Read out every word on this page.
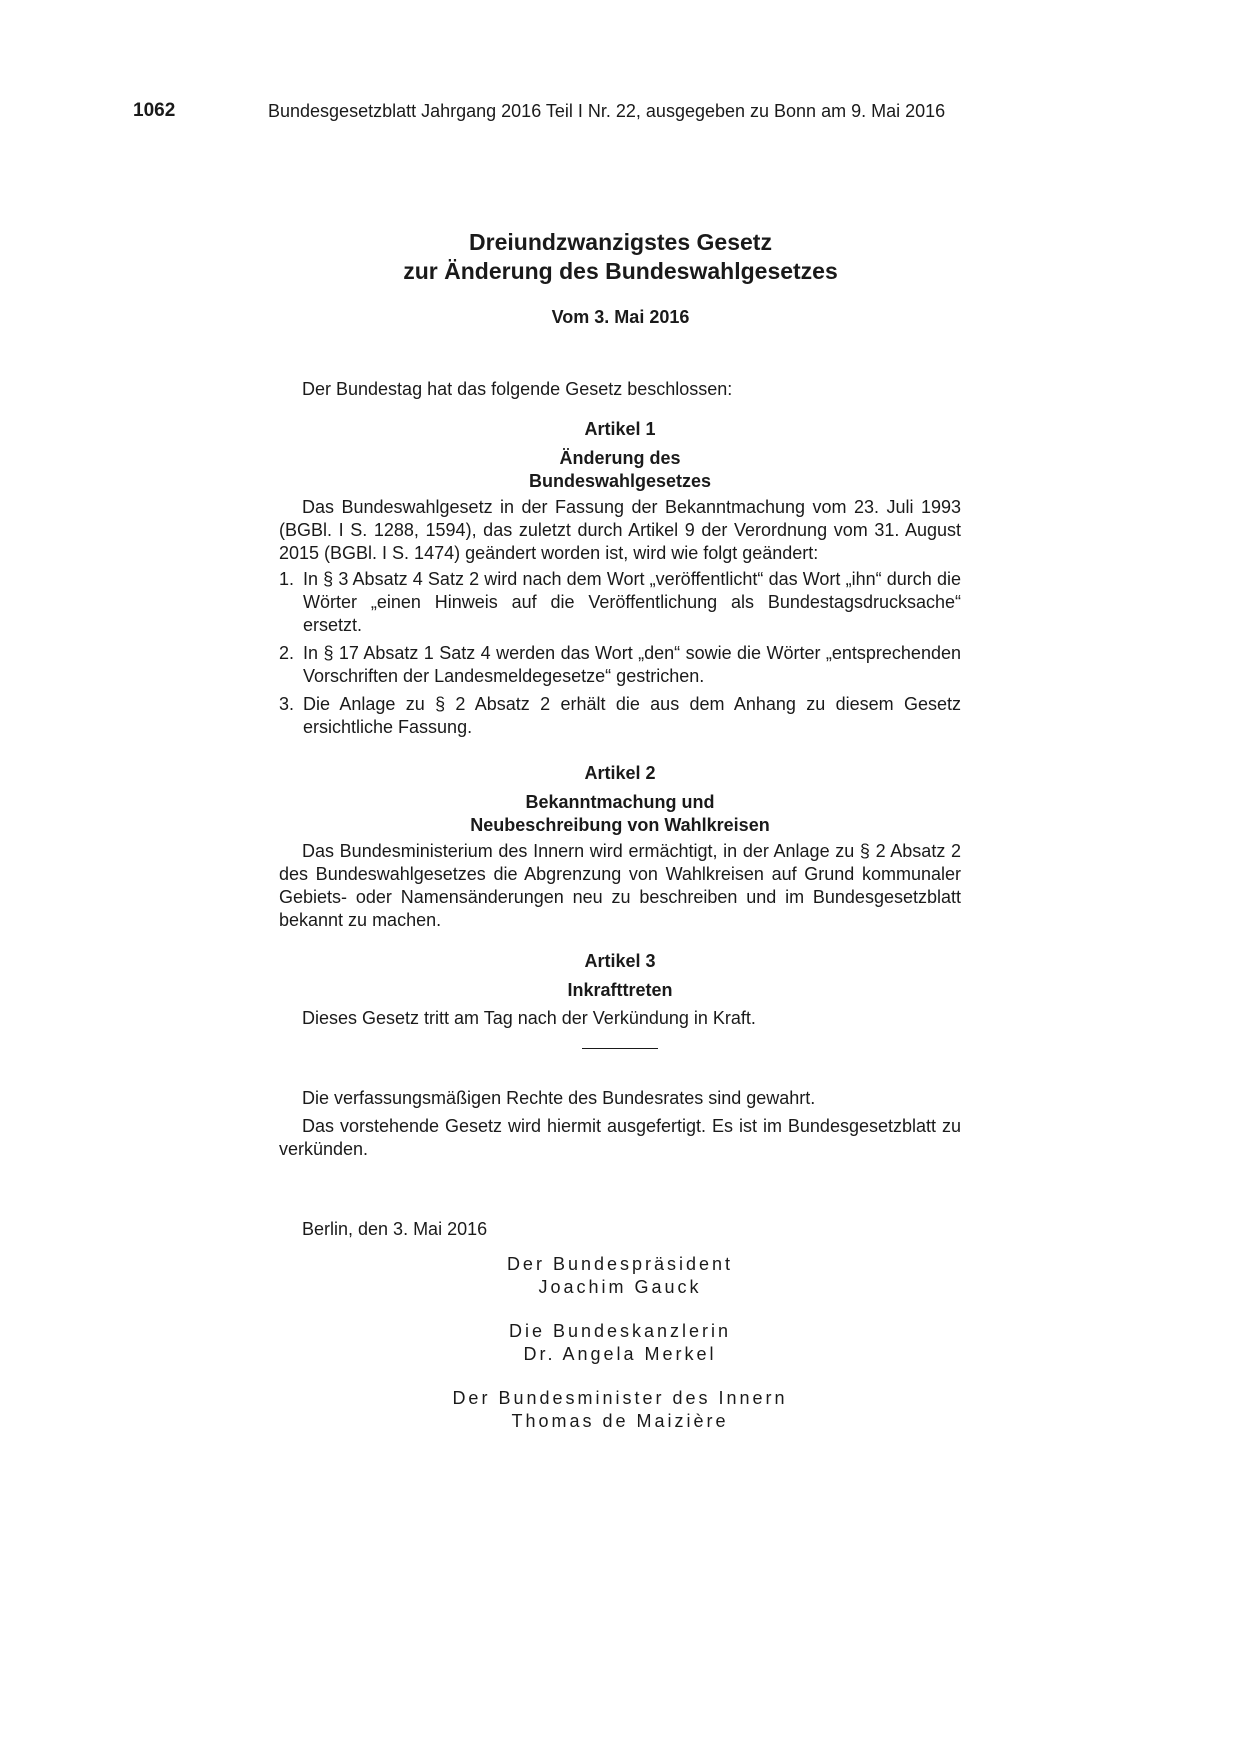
1062	Bundesgesetzblatt Jahrgang 2016 Teil I Nr. 22, ausgegeben zu Bonn am 9. Mai 2016
Dreiundzwanzigstes Gesetz
zur Änderung des Bundeswahlgesetzes
Vom 3. Mai 2016

Der Bundestag hat das folgende Gesetz beschlossen:

Artikel 1

Änderung des
Bundeswahlgesetzes

Das Bundeswahlgesetz in der Fassung der Bekanntmachung vom 23. Juli 1993 (BGBl. I S. 1288, 1594), das zuletzt durch Artikel 9 der Verordnung vom 31. August 2015 (BGBl. I S. 1474) geändert worden ist, wird wie folgt geändert:

1. In § 3 Absatz 4 Satz 2 wird nach dem Wort „veröffentlicht“ das Wort „ihn“ durch die Wörter „einen Hinweis auf die Veröffentlichung als Bundestagsdrucksache“ ersetzt.
2. In § 17 Absatz 1 Satz 4 werden das Wort „den“ sowie die Wörter „entsprechenden Vorschriften der Landesmeldegesetze“ gestrichen.
3. Die Anlage zu § 2 Absatz 2 erhält die aus dem Anhang zu diesem Gesetz ersichtliche Fassung.

Artikel 2

Bekanntmachung und
Neubeschreibung von Wahlkreisen

Das Bundesministerium des Innern wird ermächtigt, in der Anlage zu § 2 Absatz 2 des Bundeswahlgesetzes die Abgrenzung von Wahlkreisen auf Grund kommunaler Gebiets- oder Namensänderungen neu zu beschreiben und im Bundesgesetzblatt bekannt zu machen.

Artikel 3

Inkrafttreten

Dieses Gesetz tritt am Tag nach der Verkündung in Kraft.

Die verfassungsmäßigen Rechte des Bundesrates sind gewahrt.

Das vorstehende Gesetz wird hiermit ausgefertigt. Es ist im Bundesgesetzblatt zu verkünden.

Berlin, den 3. Mai 2016

Der Bundespräsident

Joachim Gauck

Die Bundeskanzlerin

Dr. Angela Merkel

Der Bundesminister des Innern

Thomas de Maizière
